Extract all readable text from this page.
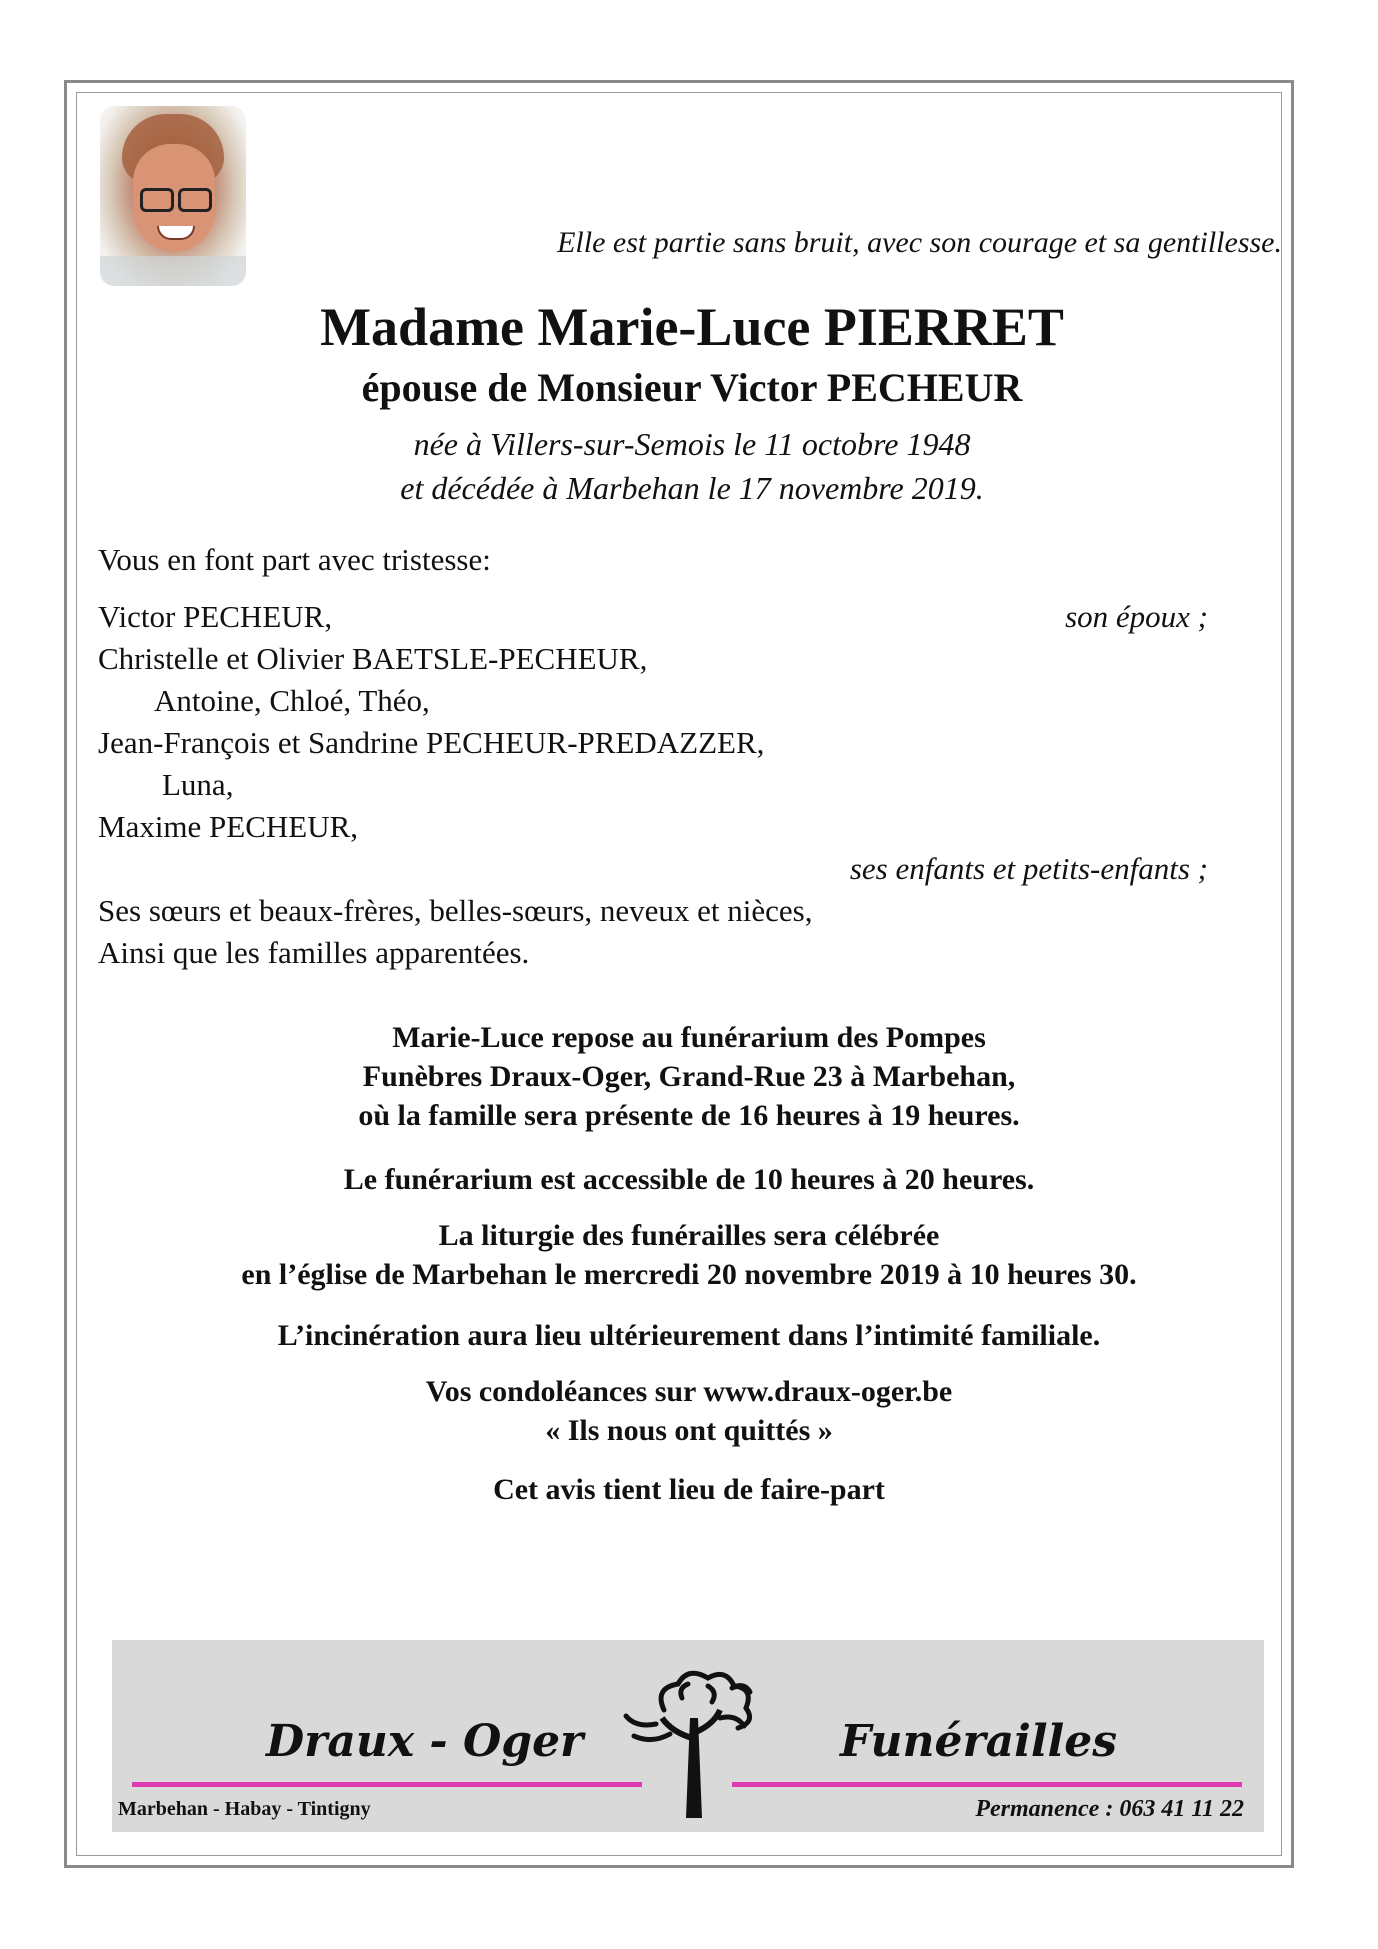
Elle est partie sans bruit, avec son courage et sa gentillesse.
Madame Marie-Luce PIERRET
épouse de Monsieur Victor PECHEUR
née à Villers-sur-Semois le 11 octobre 1948
et décédée à Marbehan le 17 novembre 2019.
Vous en font part avec tristesse:
Victor PECHEUR,	son époux ;
Christelle et Olivier BAETSLE-PECHEUR,
Antoine, Chloé, Théo,
Jean-François et Sandrine PECHEUR-PREDAZZER,
Luna,
Maxime PECHEUR,
ses enfants et petits-enfants ;
Ses sœurs et beaux-frères, belles-sœurs, neveux et nièces,
Ainsi que les familles apparentées.
Marie-Luce repose au funérarium des Pompes
Funèbres Draux-Oger, Grand-Rue 23 à Marbehan,
où la famille sera présente de 16 heures à 19 heures.
Le funérarium est accessible de 10 heures à 20 heures.
La liturgie des funérailles sera célébrée
en l’église de Marbehan le mercredi 20 novembre 2019 à 10 heures 30.
L’incinération aura lieu ultérieurement dans l’intimité familiale.
Vos condoléances sur www.draux-oger.be
« Ils nous ont quittés »
Cet avis tient lieu de faire-part
Draux - Oger	Funérailles
Marbehan - Habay - Tintigny	Permanence : 063 41 11 22
